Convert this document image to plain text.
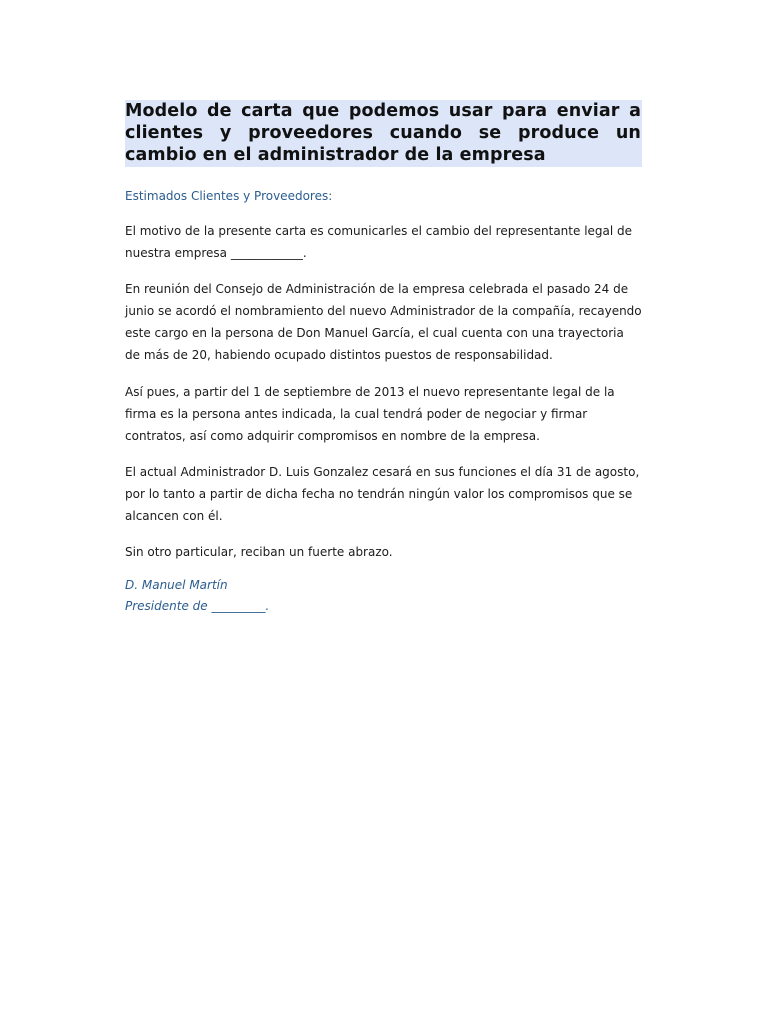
Modelo de carta que podemos usar para enviar a clientes y proveedores cuando se produce un cambio en el administrador de la empresa

Estimados Clientes y Proveedores:

El motivo de la presente carta es comunicarles el cambio del representante legal de nuestra empresa ____________.

En reunión del Consejo de Administración de la empresa celebrada el pasado 24 de junio se acordó el nombramiento del nuevo Administrador de la compañía, recayendo este cargo en la persona de Don Manuel García, el cual cuenta con una trayectoria de más de 20, habiendo ocupado distintos puestos de responsabilidad.

Así pues, a partir del 1 de septiembre de 2013 el nuevo representante legal de la firma es la persona antes indicada, la cual tendrá poder de negociar y firmar contratos, así como adquirir compromisos en nombre de la empresa.

El actual Administrador D. Luis Gonzalez cesará en sus funciones el día 31 de agosto, por lo tanto a partir de dicha fecha no tendrán ningún valor los compromisos que se alcancen con él.

Sin otro particular, reciban un fuerte abrazo.

D. Manuel Martín
Presidente de _________.
